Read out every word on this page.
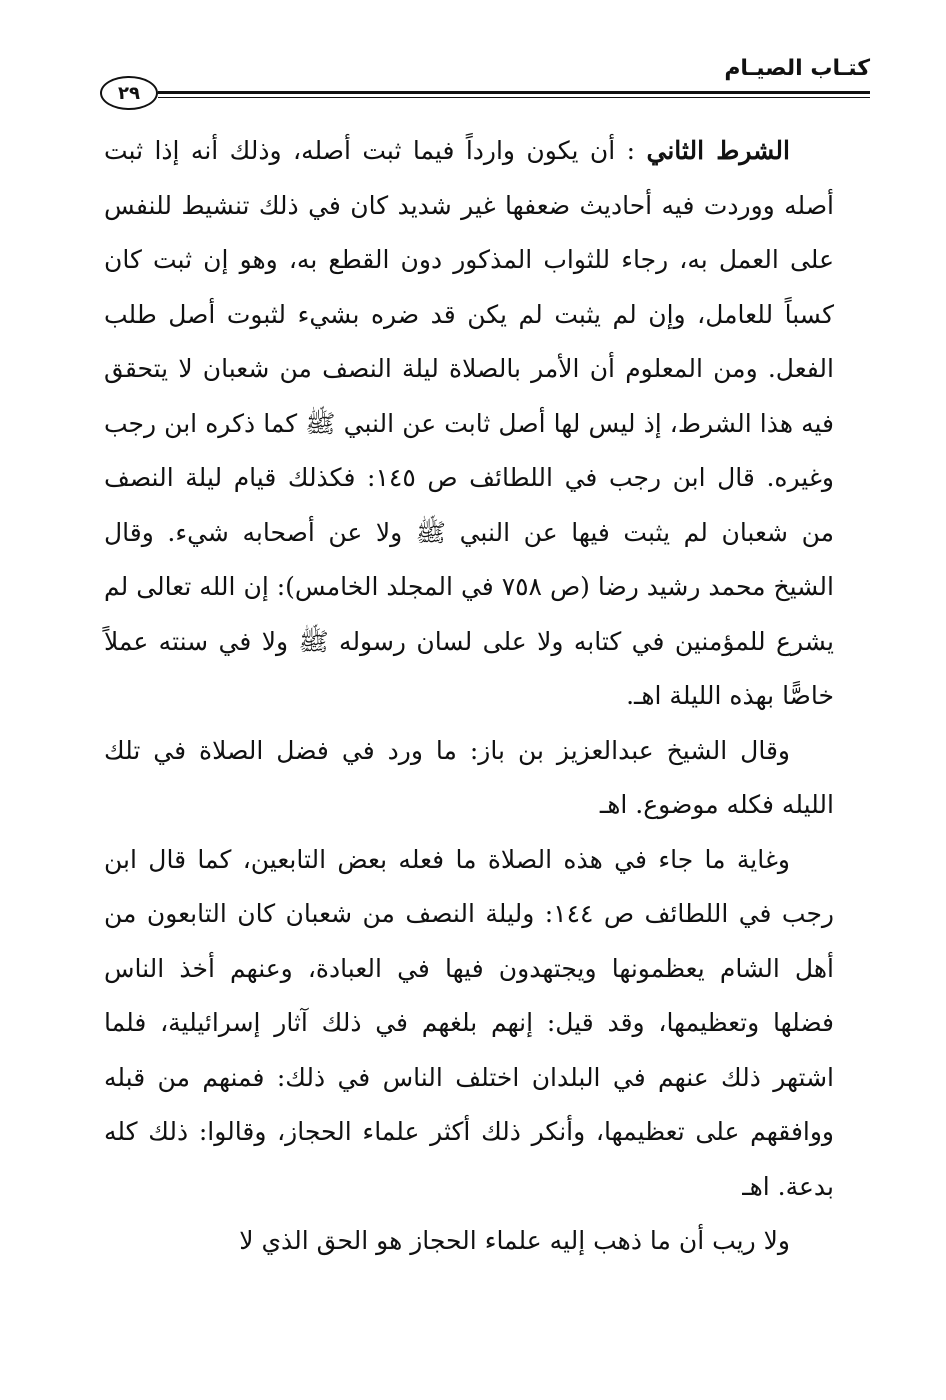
كتـاب الصيـام
٢٩

الشرط الثاني : أن يكون وارداً فيما ثبت أصله، وذلك أنه إذا ثبت أصله ووردت فيه أحاديث ضعفها غير شديد كان في ذلك تنشيط للنفس على العمل به، رجاء للثواب المذكور دون القطع به، وهو إن ثبت كان كسباً للعامل، وإن لم يثبت لم يكن قد ضره بشيء لثبوت أصل طلب الفعل. ومن المعلوم أن الأمر بالصلاة ليلة النصف من شعبان لا يتحقق فيه هذا الشرط، إذ ليس لها أصل ثابت عن النبي ﷺ كما ذكره ابن رجب وغيره. قال ابن رجب في اللطائف ص ١٤٥: فكذلك قيام ليلة النصف من شعبان لم يثبت فيها عن النبي ﷺ ولا عن أصحابه شيء. وقال الشيخ محمد رشيد رضا (ص ٧٥٨ في المجلد الخامس): إن الله تعالى لم يشرع للمؤمنين في كتابه ولا على لسان رسوله ﷺ ولا في سنته عملاً خاصًّا بهذه الليلة اهـ.

وقال الشيخ عبدالعزيز بن باز: ما ورد في فضل الصلاة في تلك الليله فكله موضوع. اهـ

وغاية ما جاء في هذه الصلاة ما فعله بعض التابعين، كما قال ابن رجب في اللطائف ص ١٤٤: وليلة النصف من شعبان كان التابعون من أهل الشام يعظمونها ويجتهدون فيها في العبادة، وعنهم أخذ الناس فضلها وتعظيمها، وقد قيل: إنهم بلغهم في ذلك آثار إسرائيلية، فلما اشتهر ذلك عنهم في البلدان اختلف الناس في ذلك: فمنهم من قبله ووافقهم على تعظيمها، وأنكر ذلك أكثر علماء الحجاز، وقالوا: ذلك كله بدعة. اهـ

ولا ريب أن ما ذهب إليه علماء الحجاز هو الحق الذي لا
